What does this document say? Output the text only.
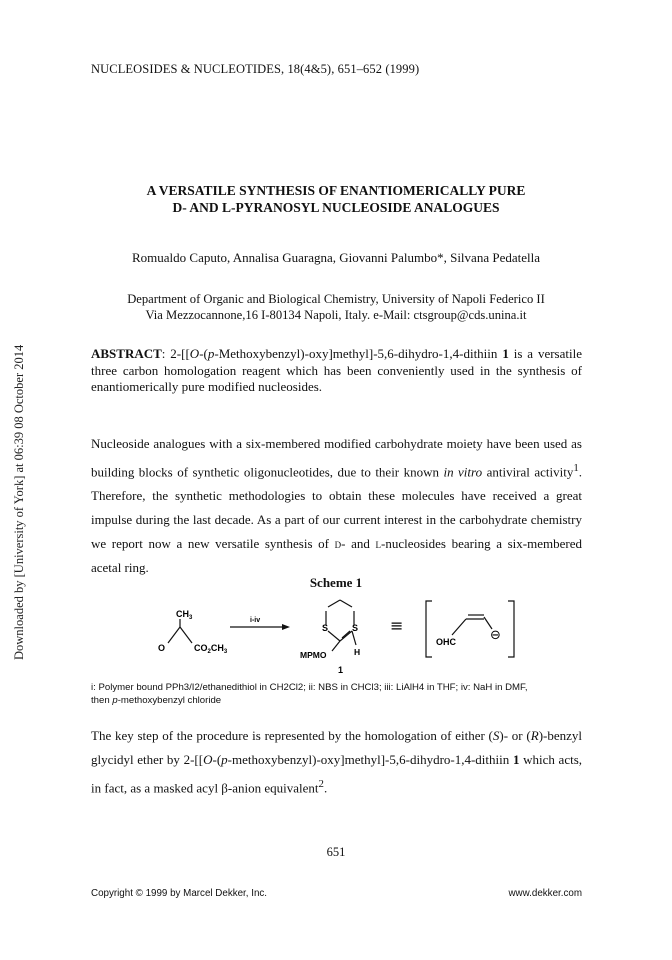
NUCLEOSIDES & NUCLEOTIDES, 18(4&5), 651–652 (1999)
A VERSATILE SYNTHESIS OF ENANTIOMERICALLY PURE
D- AND L-PYRANOSYL NUCLEOSIDE ANALOGUES
Romualdo Caputo, Annalisa Guaragna, Giovanni Palumbo*, Silvana Pedatella
Department of Organic and Biological Chemistry, University of Napoli Federico II
Via Mezzocannone,16 I-80134 Napoli, Italy. e-Mail: ctsgroup@cds.unina.it
Downloaded by [University of York] at 06:39 08 October 2014	ABSTRACT: 2-[[O-(p-Methoxybenzyl)-oxy]methyl]-5,6-dihydro-1,4-dithiin 1 is a versatile three carbon homologation reagent which has been conveniently used in the synthesis of enantiomerically pure modified nucleosides.
Nucleoside analogues with a six-membered modified carbohydrate moiety have been used as building blocks of synthetic oligonucleotides, due to their known in vitro antiviral activity$^1$. Therefore, the synthetic methodologies to obtain these molecules have received a great impulse during the last decade. As a part of our current interest in the carbohydrate chemistry we report now a new versatile synthesis of d- and l-nucleosides bearing a six-membered acetal ring.
Scheme 1
$CH_3$
O	$CO_2CH_3$
i-iv
S	S
MPMO	H
1
≡
OHC	⊖
i: Polymer bound PPh3/I2/ethanedithiol in CH2Cl2; ii: NBS in CHCl3; iii: LiAlH4 in THF; iv: NaH in DMF,
then p-methoxybenzyl chloride
The key step of the procedure is represented by the homologation of either (S)- or (R)-benzyl glycidyl ether by 2-[[O-(p-methoxybenzyl)-oxy]methyl]-5,6-dihydro-1,4-dithiin 1 which acts, in fact, as a masked acyl β-anion equivalent$^2$.
651
Copyright © 1999 by Marcel Dekker, Inc.	www.dekker.com
